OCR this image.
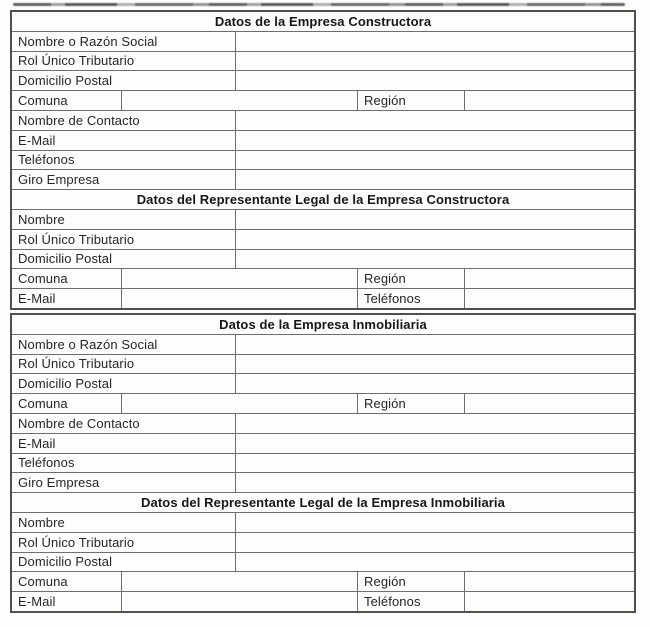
Datos de la Empresa Constructora
Nombre o Razón Social
Rol Único Tributario
Domicilio Postal
Comuna	Región
Nombre de Contacto
E-Mail
Teléfonos
Giro Empresa
Datos del Representante Legal de la Empresa Constructora
Nombre
Rol Único Tributario
Domicilio Postal
Comuna	Región
E-Mail	Teléfonos
Datos de la Empresa Inmobiliaria
Nombre o Razón Social
Rol Único Tributario
Domicilio Postal
Comuna	Región
Nombre de Contacto
E-Mail
Teléfonos
Giro Empresa
Datos del Representante Legal de la Empresa Inmobiliaria
Nombre
Rol Único Tributario
Domicilio Postal
Comuna	Región
E-Mail	Teléfonos
